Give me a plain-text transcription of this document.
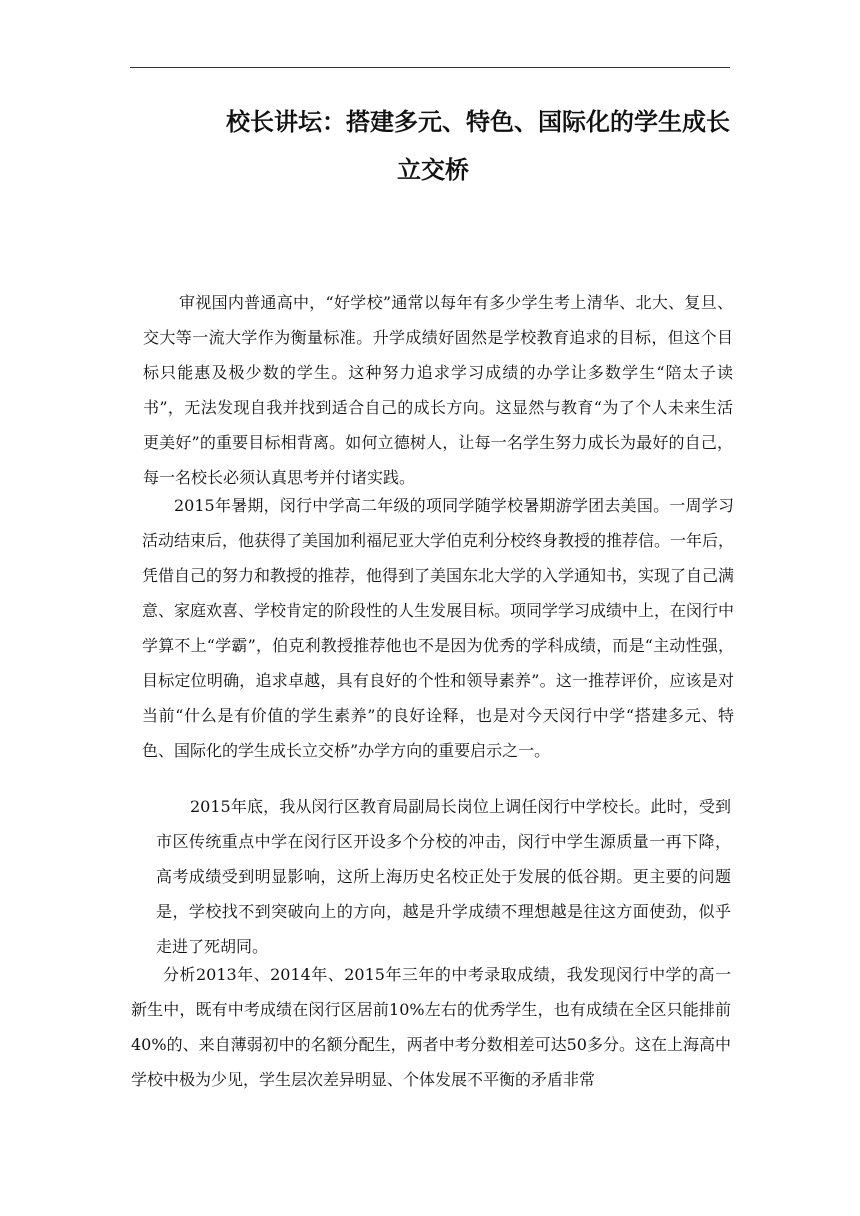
校长讲坛：搭建多元、特色、国际化的学生成长
立交桥

审视国内普通高中，“好学校”通常以每年有多少学生考上清华、北大、复旦、交大等一流大学作为衡量标准。升学成绩好固然是学校教育追求的目标，但这个目标只能惠及极少数的学生。这种努力追求学习成绩的办学让多数学生“陪太子读书”，无法发现自我并找到适合自己的成长方向。这显然与教育“为了个人未来生活更美好”的重要目标相背离。如何立德树人，让每一名学生努力成长为最好的自己，每一名校长必须认真思考并付诸实践。

2015年暑期，闵行中学高二年级的项同学随学校暑期游学团去美国。一周学习活动结束后，他获得了美国加利福尼亚大学伯克利分校终身教授的推荐信。一年后，凭借自己的努力和教授的推荐，他得到了美国东北大学的入学通知书，实现了自己满意、家庭欢喜、学校肯定的阶段性的人生发展目标。项同学学习成绩中上，在闵行中学算不上“学霸”，伯克利教授推荐他也不是因为优秀的学科成绩，而是“主动性强，目标定位明确，追求卓越，具有良好的个性和领导素养”。这一推荐评价，应该是对当前“什么是有价值的学生素养”的良好诠释，也是对今天闵行中学“搭建多元、特色、国际化的学生成长立交桥”办学方向的重要启示之一。

2015年底，我从闵行区教育局副局长岗位上调任闵行中学校长。此时，受到市区传统重点中学在闵行区开设多个分校的冲击，闵行中学生源质量一再下降，高考成绩受到明显影响，这所上海历史名校正处于发展的低谷期。更主要的问题是，学校找不到突破向上的方向，越是升学成绩不理想越是往这方面使劲，似乎走进了死胡同。

分析2013年、2014年、2015年三年的中考录取成绩，我发现闵行中学的高一新生中，既有中考成绩在闵行区居前10%左右的优秀学生，也有成绩在全区只能排前40%的、来自薄弱初中的名额分配生，两者中考分数相差可达50多分。这在上海高中学校中极为少见，学生层次差异明显、个体发展不平衡的矛盾非常
